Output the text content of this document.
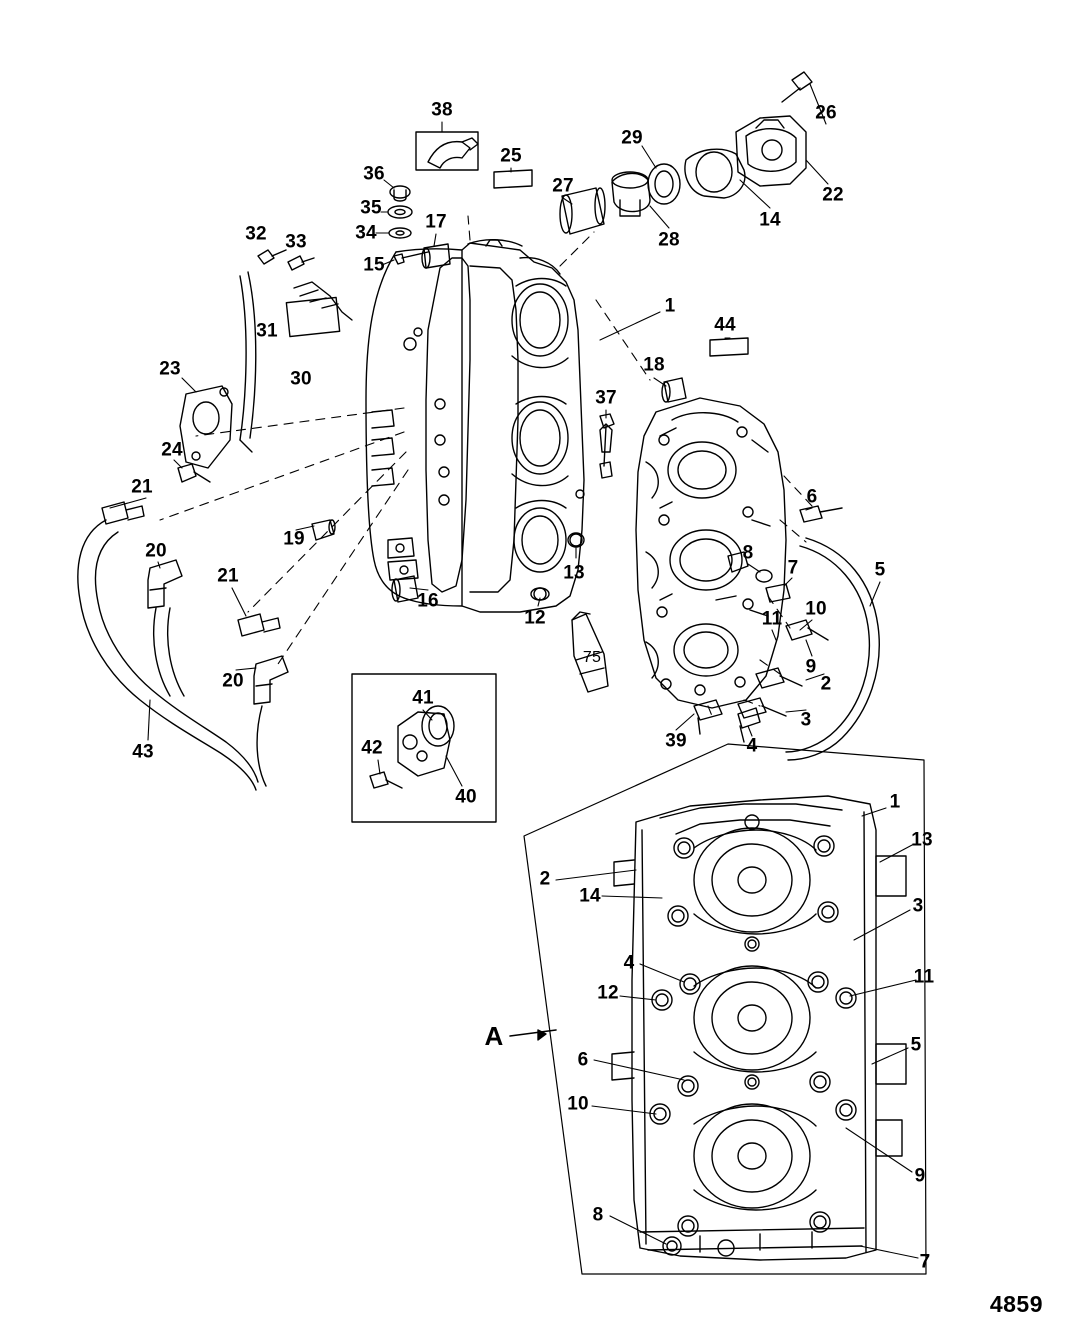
38	26
29
25
36
22
27
35
17	14
34	28
15
32 33
1
44
31
30
18
23
37
24
21	6
19
20
13
8
5
7
21
16
12	10
11
9
2
20
41
3
39	4
43	42
40	1
13
2
14	3
4
11
12
5
6
10
9
8
7
75
A
4859
